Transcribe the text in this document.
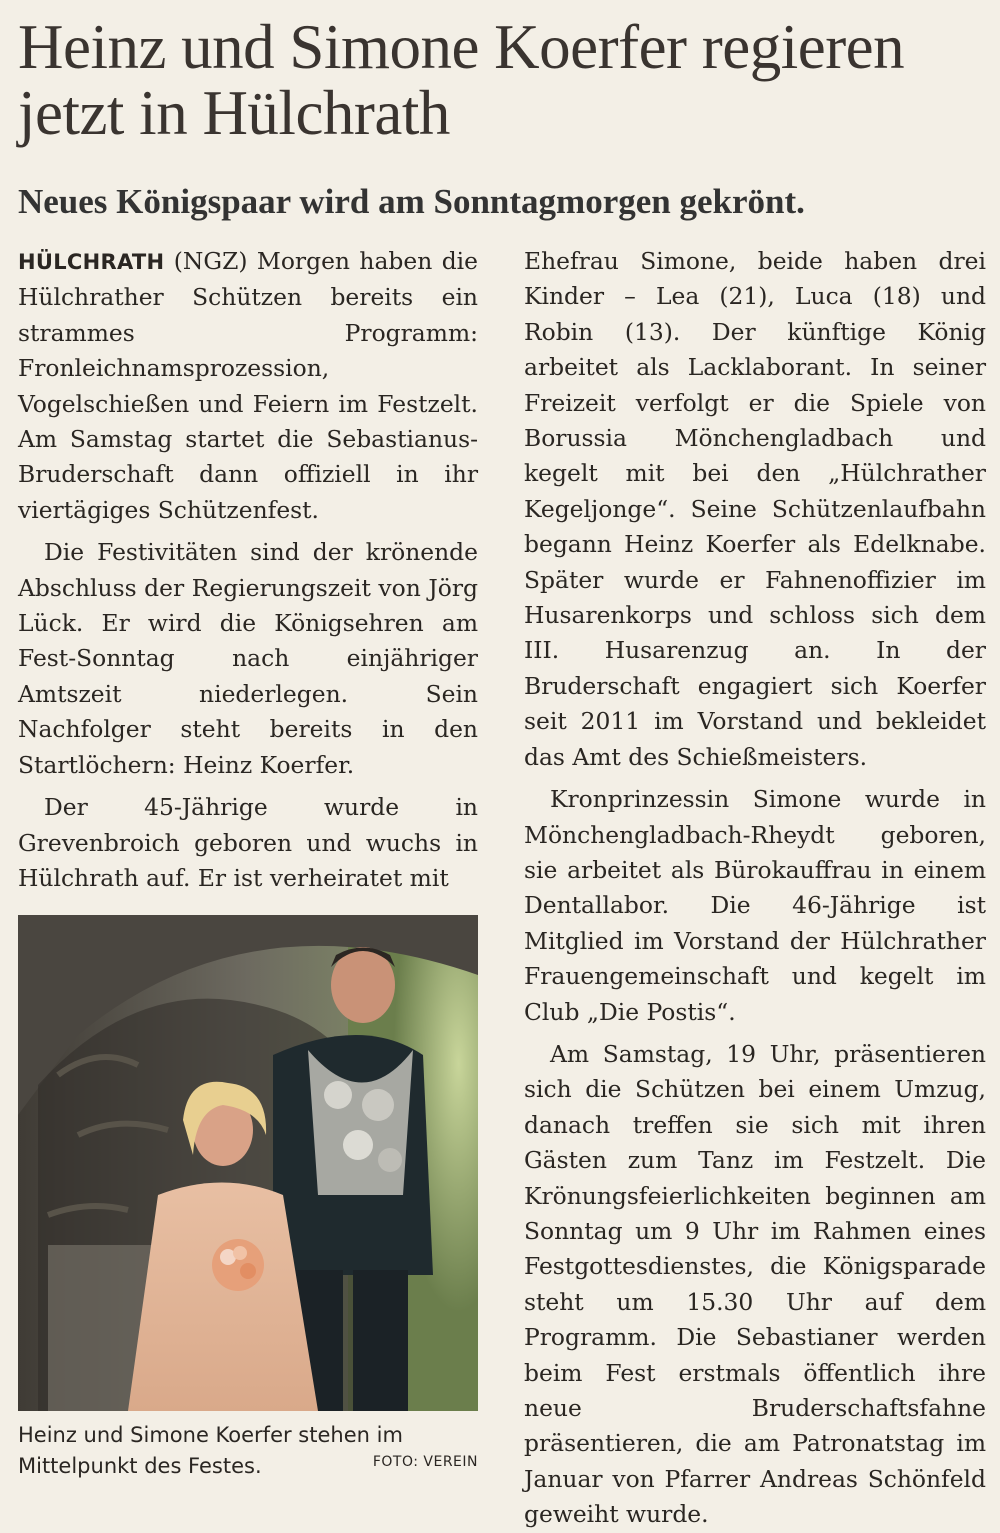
Heinz und Simone Koerfer regieren jetzt in Hülchrath
Neues Königspaar wird am Sonntagmorgen gekrönt.

HÜLCHRATH (NGZ) Morgen haben die Hülchrather Schützen bereits ein strammes Programm: Fronleichnamsprozession, Vogelschießen und Feiern im Festzelt. Am Samstag startet die Sebastianus-Bruderschaft dann offiziell in ihr viertägiges Schützenfest.

Die Festivitäten sind der krönende Abschluss der Regierungszeit von Jörg Lück. Er wird die Königsehren am Fest-Sonntag nach einjähriger Amtszeit niederlegen. Sein Nachfolger steht bereits in den Startlöchern: Heinz Koerfer.

Der 45-Jährige wurde in Grevenbroich geboren und wuchs in Hülchrath auf. Er ist verheiratet mit

Heinz und Simone Koerfer stehen im Mittelpunkt des Festes.	FOTO: VEREIN

Ehefrau Simone, beide haben drei Kinder – Lea (21), Luca (18) und Robin (13). Der künftige König arbeitet als Lacklaborant. In seiner Freizeit verfolgt er die Spiele von Borussia Mönchengladbach und kegelt mit bei den „Hülchrather Kegeljonge“. Seine Schützenlaufbahn begann Heinz Koerfer als Edelknabe. Später wurde er Fahnenoffizier im Husarenkorps und schloss sich dem III. Husarenzug an. In der Bruderschaft engagiert sich Koerfer seit 2011 im Vorstand und bekleidet das Amt des Schießmeisters.

Kronprinzessin Simone wurde in Mönchengladbach-Rheydt geboren, sie arbeitet als Bürokauffrau in einem Dentallabor. Die 46-Jährige ist Mitglied im Vorstand der Hülchrather Frauengemeinschaft und kegelt im Club „Die Postis“.

Am Samstag, 19 Uhr, präsentieren sich die Schützen bei einem Umzug, danach treffen sie sich mit ihren Gästen zum Tanz im Festzelt. Die Krönungsfeierlichkeiten beginnen am Sonntag um 9 Uhr im Rahmen eines Festgottesdienstes, die Königsparade steht um 15.30 Uhr auf dem Programm. Die Sebastianer werden beim Fest erstmals öffentlich ihre neue Bruderschaftsfahne präsentieren, die am Patronatstag im Januar von Pfarrer Andreas Schönfeld geweiht wurde.
